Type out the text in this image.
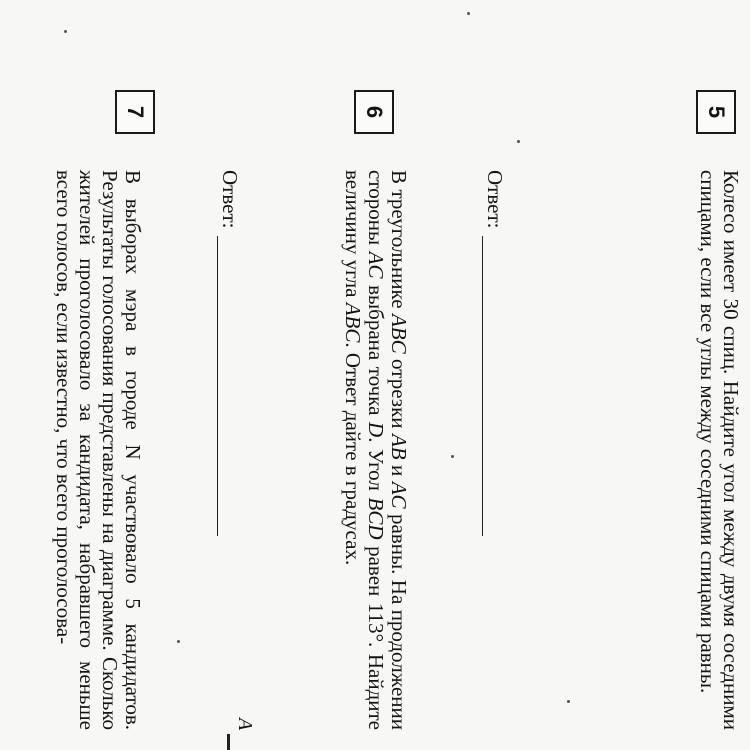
5

Колесо имеет 30 спиц. Найдите угол между двумя соседними спицами, если все углы между соседними спицами равны.

Ответ:
6

В треугольнике ABC отрезки AB и AC равны. На продолжении стороны AC выбрана точка D. Угол BCD равен 113°. Найдите величину угла ABC. Ответ дайте в градусах.

Ответ:
A
7

В выборах мэра в городе N участвовало 5 кандидатов. Результаты голосования представлены на диаграмме. Сколько жителей проголосовало за кандидата, набравшего меньше всего голосов, если известно, что всего проголосова-
